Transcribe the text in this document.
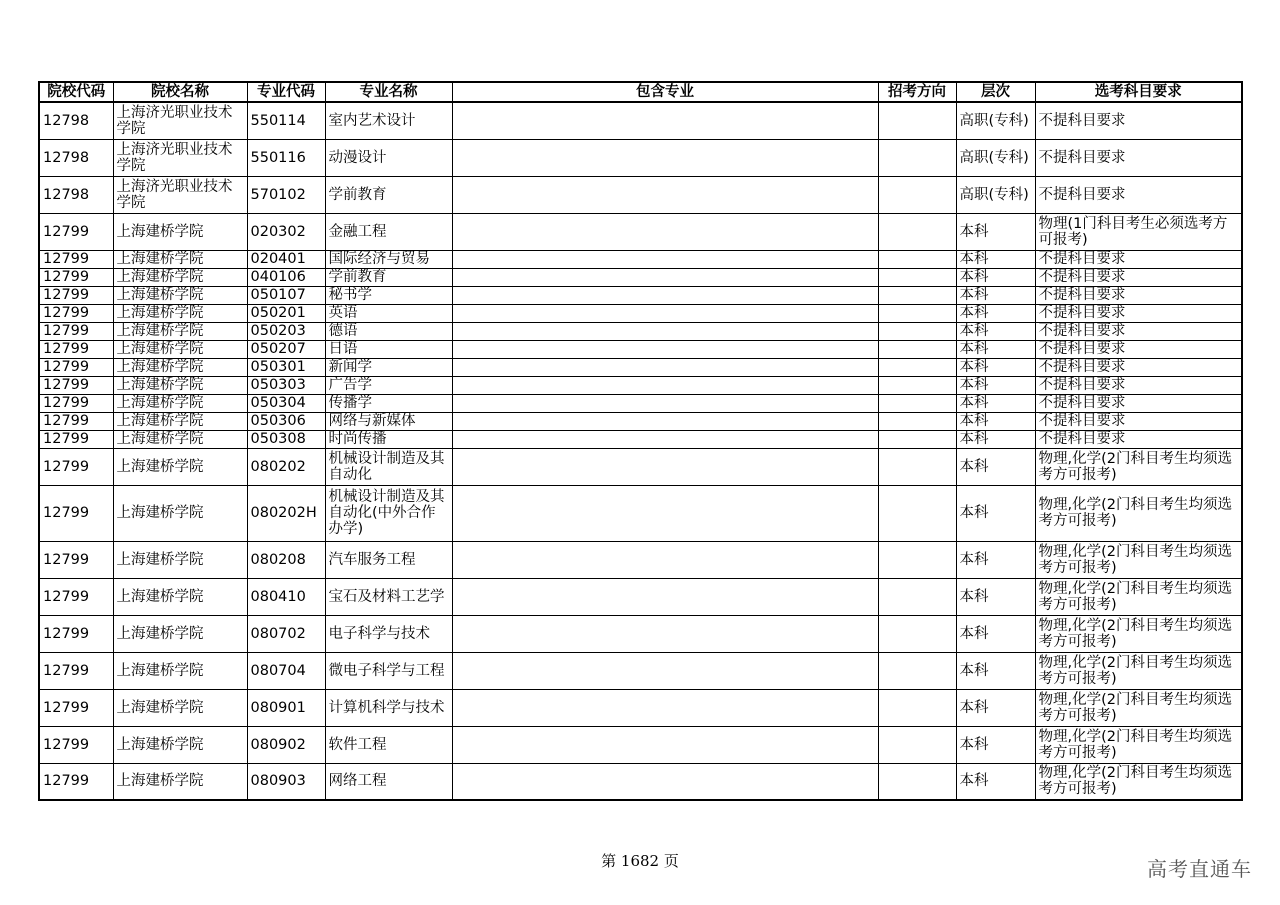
院校代码	院校名称	专业代码	专业名称	包含专业	招考方向	层次	选考科目要求
12798	上海济光职业技术学院	550114	室内艺术设计			高职(专科)	不提科目要求
12798	上海济光职业技术学院	550116	动漫设计			高职(专科)	不提科目要求
12798	上海济光职业技术学院	570102	学前教育			高职(专科)	不提科目要求
12799	上海建桥学院	020302	金融工程			本科	物理(1门科目考生必须选考方可报考)
12799	上海建桥学院	020401	国际经济与贸易			本科	不提科目要求
12799	上海建桥学院	040106	学前教育			本科	不提科目要求
12799	上海建桥学院	050107	秘书学			本科	不提科目要求
12799	上海建桥学院	050201	英语			本科	不提科目要求
12799	上海建桥学院	050203	德语			本科	不提科目要求
12799	上海建桥学院	050207	日语			本科	不提科目要求
12799	上海建桥学院	050301	新闻学			本科	不提科目要求
12799	上海建桥学院	050303	广告学			本科	不提科目要求
12799	上海建桥学院	050304	传播学			本科	不提科目要求
12799	上海建桥学院	050306	网络与新媒体			本科	不提科目要求
12799	上海建桥学院	050308	时尚传播			本科	不提科目要求
12799	上海建桥学院	080202	机械设计制造及其自动化			本科	物理,化学(2门科目考生均须选考方可报考)
12799	上海建桥学院	080202H	机械设计制造及其自动化(中外合作办学)			本科	物理,化学(2门科目考生均须选考方可报考)
12799	上海建桥学院	080208	汽车服务工程			本科	物理,化学(2门科目考生均须选考方可报考)
12799	上海建桥学院	080410	宝石及材料工艺学			本科	物理,化学(2门科目考生均须选考方可报考)
12799	上海建桥学院	080702	电子科学与技术			本科	物理,化学(2门科目考生均须选考方可报考)
12799	上海建桥学院	080704	微电子科学与工程			本科	物理,化学(2门科目考生均须选考方可报考)
12799	上海建桥学院	080901	计算机科学与技术			本科	物理,化学(2门科目考生均须选考方可报考)
12799	上海建桥学院	080902	软件工程			本科	物理,化学(2门科目考生均须选考方可报考)
12799	上海建桥学院	080903	网络工程			本科	物理,化学(2门科目考生均须选考方可报考)
第 1682 页	高考直通车
